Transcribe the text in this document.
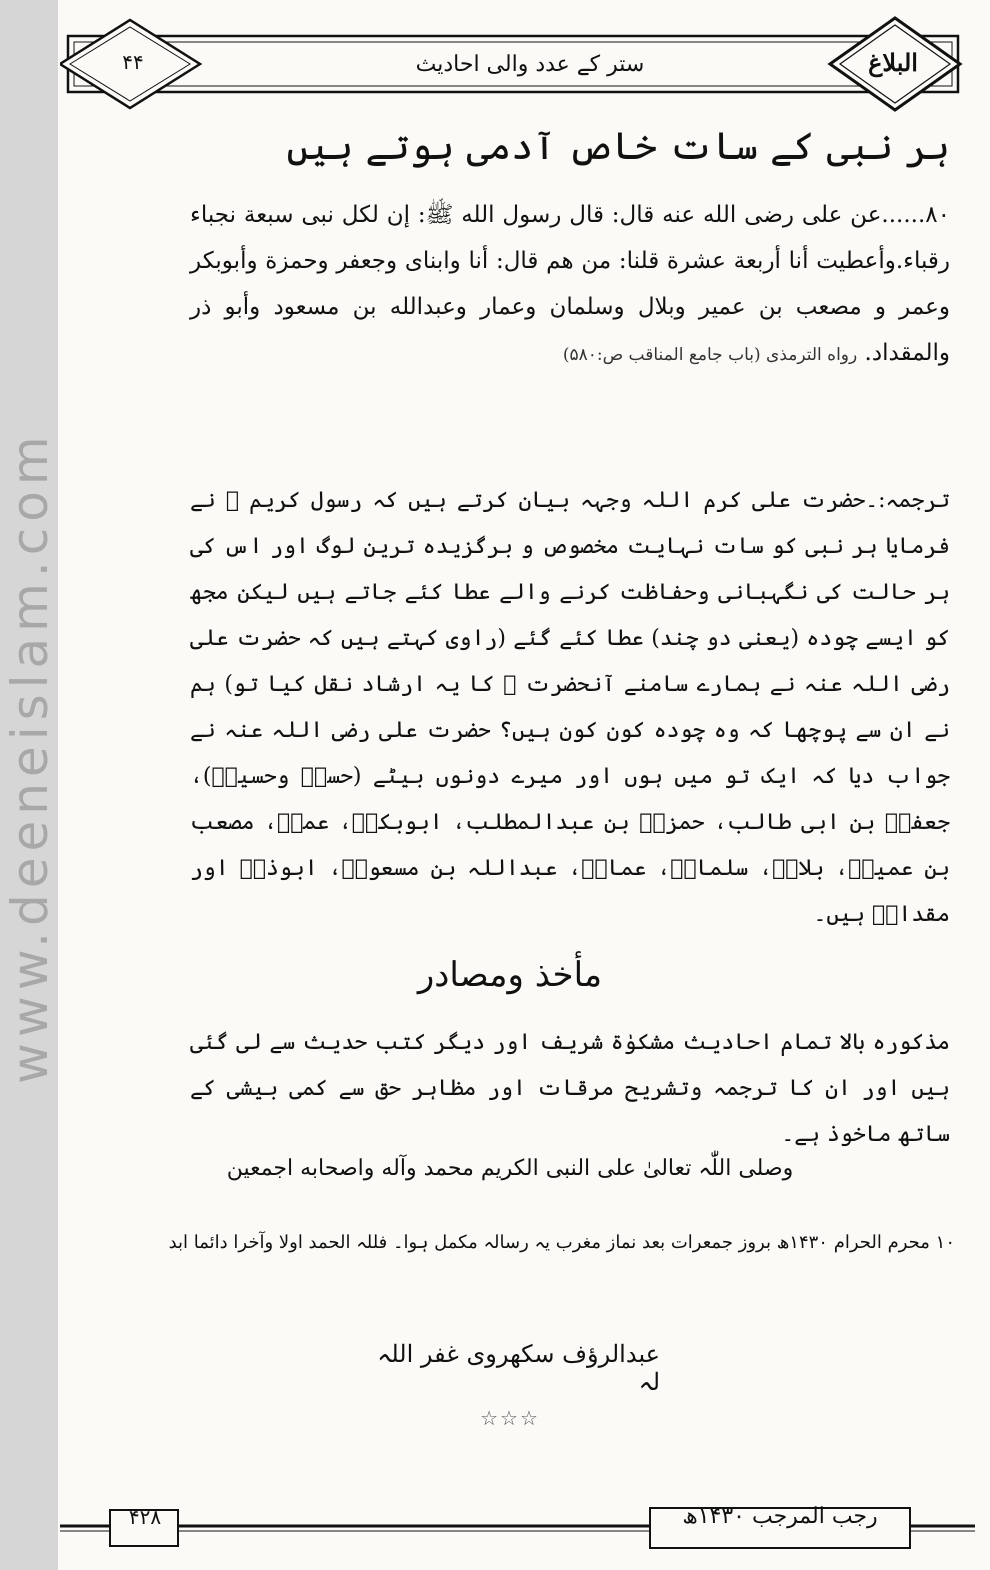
www.deeneislam.com
۴۴	ستر کے عدد والی احادیث	البلاغ
ہر نبی کے سات خاص آدمی ہوتے ہیں
۸۰......عن علی رضی الله عنه قال: قال رسول الله ﷺ: إن لکل نبی سبعة نجباء رقباء.وأعطیت أنا أربعة عشرة قلنا: من هم قال: أنا وابنای وجعفر وحمزة وأبوبکر وعمر و مصعب بن عمیر وبلال وسلمان وعمار وعبدالله بن مسعود وأبو ذر والمقداد. رواه الترمذی (باب جامع المناقب ص:۵۸۰)
ترجمہ:۔حضرت علی کرم اللہ وجہہ بیان کرتے ہیں کہ رسول کریم ﷺ نے فرمایا ہر نبی کو سات نہایت مخصوص و برگزیدہ ترین لوگ اور اس کی ہر حالت کی نگہبانی وحفاظت کرنے والے عطا کئے جاتے ہیں لیکن مجھ کو ایسے چودہ (یعنی دو چند) عطا کئے گئے (راوی کہتے ہیں کہ حضرت علی رضی اللہ عنہ نے ہمارے سامنے آنحضرت ﷺ کا یہ ارشاد نقل کیا تو) ہم نے ان سے پوچھا کہ وہ چودہ کون کون ہیں؟ حضرت علی رضی اللہ عنہ نے جواب دیا کہ ایک تو میں ہوں اور میرے دونوں بیٹے (حسنؓ وحسینؓ)، جعفرؓ بن ابی طالب، حمزہؓ بن عبدالمطلب، ابوبکرؓ، عمرؓ، مصعب بن عمیرؓ، بلالؓ، سلمانؓ، عمارؓ، عبداللہ بن مسعودؓ، ابوذرؓ اور مقدادؓ ہیں۔
مأخذ ومصادر
مذکورہ بالا تمام احادیث مشکوٰۃ شریف اور دیگر کتب حدیث سے لی گئی ہیں اور ان کا ترجمہ وتشریح مرقات اور مظاہر حق سے کمی بیشی کے ساتھ ماخوذ ہے۔
وصلی اللّٰہ تعالیٰ علی النبی الکریم محمد وآله واصحابه اجمعین
۱۰ محرم الحرام ۱۴۳۰ھ بروز جمعرات بعد نماز مغرب یہ رسالہ مکمل ہوا۔ فللہ الحمد اولا وآخرا دائما ابد
عبدالرؤف سکھروی غفر اللہ لہ
☆☆☆
۴۲۸	رجب المرجب ۱۴۳۰ھ
